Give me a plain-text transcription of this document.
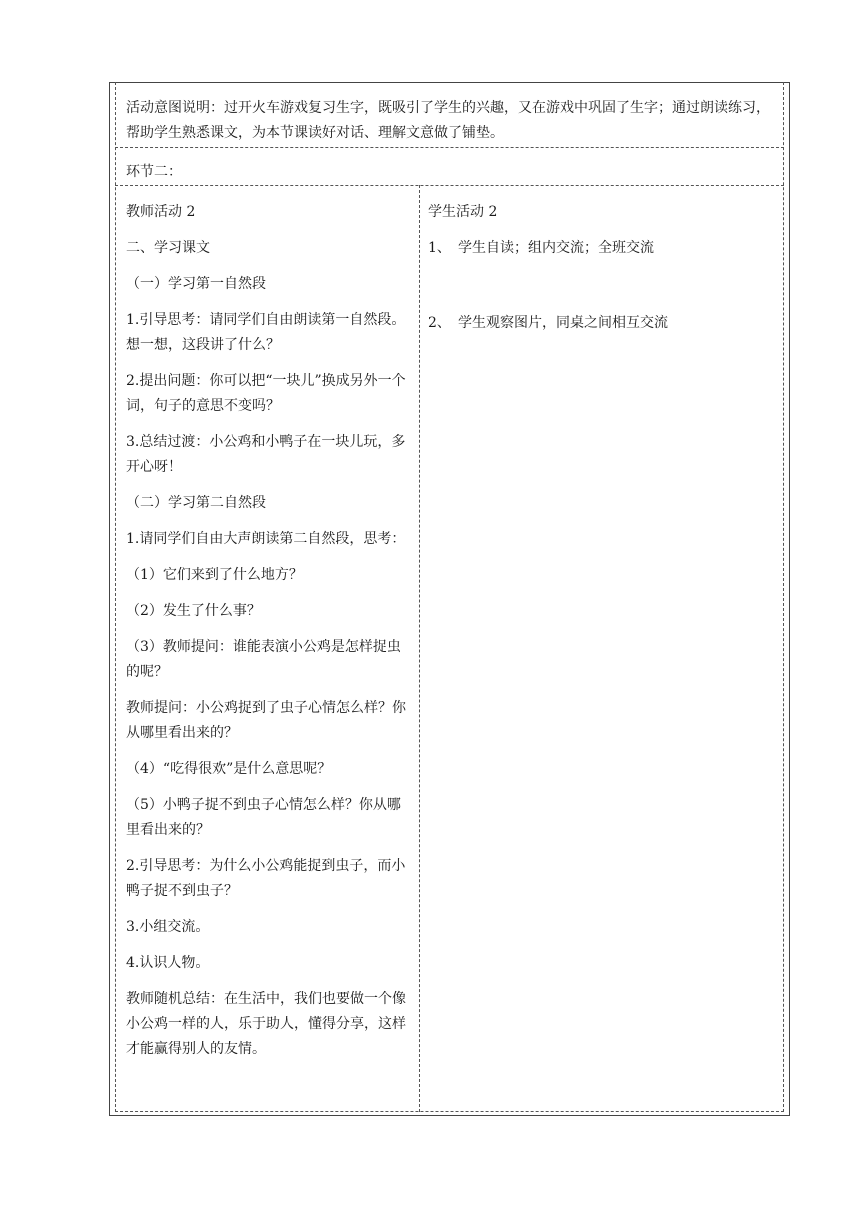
活动意图说明：过开火车游戏复习生字，既吸引了学生的兴趣，又在游戏中巩固了生字；通过朗读练习，帮助学生熟悉课文，为本节课读好对话、理解文意做了铺垫。

环节二：

教师活动 2

二、学习课文

（一）学习第一自然段

1.引导思考：请同学们自由朗读第一自然段。想一想，这段讲了什么？

2.提出问题：你可以把“一块儿”换成另外一个词，句子的意思不变吗？

3.总结过渡：小公鸡和小鸭子在一块儿玩，多开心呀！

（二）学习第二自然段

1.请同学们自由大声朗读第二自然段，思考：

（1）它们来到了什么地方？

（2）发生了什么事？

（3）教师提问：谁能表演小公鸡是怎样捉虫的呢？

教师提问：小公鸡捉到了虫子心情怎么样？你从哪里看出来的？

（4）“吃得很欢”是什么意思呢？

（5）小鸭子捉不到虫子心情怎么样？你从哪里看出来的？

2.引导思考：为什么小公鸡能捉到虫子，而小鸭子捉不到虫子？

3.小组交流。

4.认识人物。

教师随机总结：在生活中，我们也要做一个像小公鸡一样的人，乐于助人，懂得分享，这样才能赢得别人的友情。

学生活动 2

1、 学生自读；组内交流；全班交流

2、 学生观察图片，同桌之间相互交流
